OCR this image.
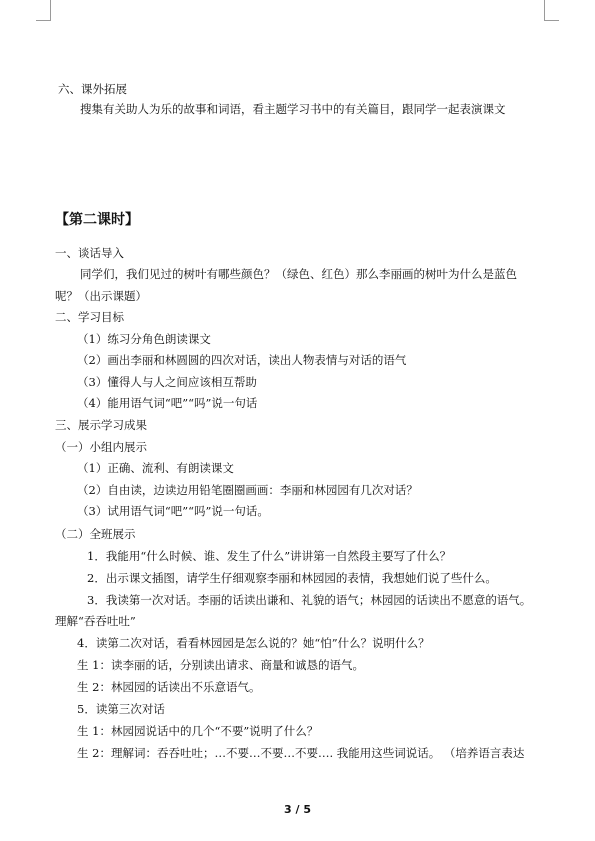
六、课外拓展
搜集有关助人为乐的故事和词语，看主题学习书中的有关篇目，跟同学一起表演课文
【第二课时】
一、谈话导入
同学们，我们见过的树叶有哪些颜色？（绿色、红色）那么李丽画的树叶为什么是蓝色
呢？（出示课题）
二、学习目标
（1）练习分角色朗读课文
（2）画出李丽和林圆圆的四次对话，读出人物表情与对话的语气
（3）懂得人与人之间应该相互帮助
（4）能用语气词“吧”“吗”说一句话
三、展示学习成果
（一）小组内展示
（1）正确、流利、有朗读课文
（2）自由读，边读边用铅笔圈圈画画：李丽和林园园有几次对话？
（3）试用语气词“吧”“吗”说一句话。
（二）全班展示
1．我能用“什么时候、谁、发生了什么”讲讲第一自然段主要写了什么？
2．出示课文插图，请学生仔细观察李丽和林园园的表情，我想她们说了些什么。
3．我读第一次对话。李丽的话读出谦和、礼貌的语气；林园园的话读出不愿意的语气。
理解“吞吞吐吐”
4．读第二次对话，看看林园园是怎么说的？她“怕”什么？说明什么？
生 1：读李丽的话，分别读出请求、商量和诚恳的语气。
生 2：林园园的话读出不乐意语气。
5．读第三次对话
生 1：林园园说话中的几个“不要”说明了什么？
生 2：理解词：吞吞吐吐；…不要…不要…不要…. 我能用这些词说话。 （培养语言表达
3 / 5
